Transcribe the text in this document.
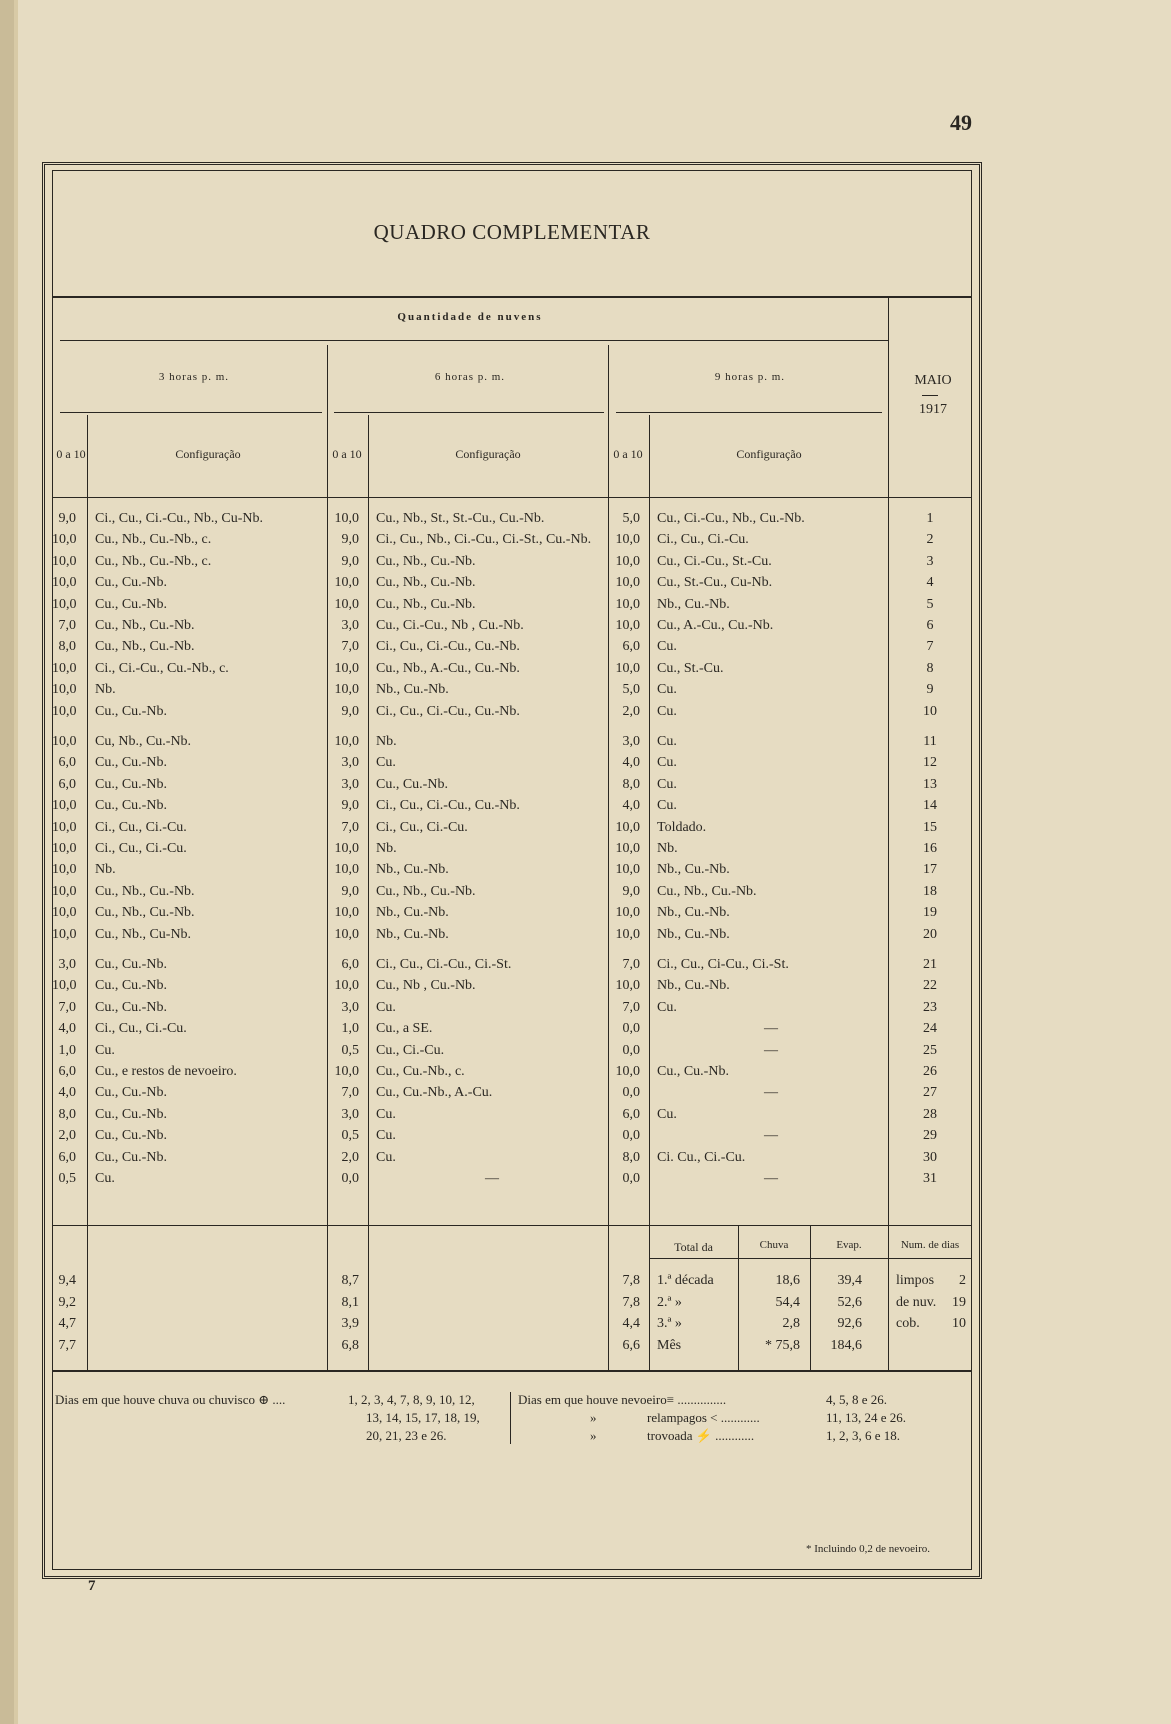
49
QUADRO COMPLEMENTAR
Quantidade de nuvens
3 horas p. m.	6 horas p. m.	9 horas p. m.	MAIO
1917
0 a 10	Configuração	0 a 10	Configuração	0 a 10	Configuração
9,0 Ci., Cu., Ci.-Cu., Nb., Cu-Nb.	10,0 Cu., Nb., St., St.-Cu., Cu.-Nb.	5,0 Cu., Ci.-Cu., Nb., Cu.-Nb.	1
10,0 Cu., Nb., Cu.-Nb., c.	9,0 Ci., Cu., Nb., Ci.-Cu., Ci.-St., Cu.-Nb.	10,0 Ci., Cu., Ci.-Cu.	2
10,0 Cu., Nb., Cu.-Nb., c.	9,0 Cu., Nb., Cu.-Nb.	10,0 Cu., Ci.-Cu., St.-Cu.	3
10,0 Cu., Cu.-Nb.	10,0 Cu., Nb., Cu.-Nb.	10,0 Cu., St.-Cu., Cu-Nb.	4
10,0 Cu., Cu.-Nb.	10,0 Cu., Nb., Cu.-Nb.	10,0 Nb., Cu.-Nb.	5
7,0 Cu., Nb., Cu.-Nb.	3,0 Cu., Ci.-Cu., Nb , Cu.-Nb.	10,0 Cu., A.-Cu., Cu.-Nb.	6
8,0 Cu., Nb., Cu.-Nb.	7,0 Ci., Cu., Ci.-Cu., Cu.-Nb.	6,0 Cu.	7
10,0 Ci., Ci.-Cu., Cu.-Nb., c.	10,0 Cu., Nb., A.-Cu., Cu.-Nb.	10,0 Cu., St.-Cu.	8
10,0 Nb.	10,0 Nb., Cu.-Nb.	5,0 Cu.	9
10,0 Cu., Cu.-Nb.	9,0 Ci., Cu., Ci.-Cu., Cu.-Nb.	2,0 Cu.	10
10,0 Cu, Nb., Cu.-Nb.	10,0 Nb.	3,0 Cu.	11
6,0 Cu., Cu.-Nb.	3,0 Cu.	4,0 Cu.	12
6,0 Cu., Cu.-Nb.	3,0 Cu., Cu.-Nb.	8,0 Cu.	13
10,0 Cu., Cu.-Nb.	9,0 Ci., Cu., Ci.-Cu., Cu.-Nb.	4,0 Cu.	14
10,0 Ci., Cu., Ci.-Cu.	7,0 Ci., Cu., Ci.-Cu.	10,0 Toldado.	15
10,0 Ci., Cu., Ci.-Cu.	10,0 Nb.	10,0 Nb.	16
10,0 Nb.	10,0 Nb., Cu.-Nb.	10,0 Nb., Cu.-Nb.	17
10,0 Cu., Nb., Cu.-Nb.	9,0 Cu., Nb., Cu.-Nb.	9,0 Cu., Nb., Cu.-Nb.	18
10,0 Cu., Nb., Cu.-Nb.	10,0 Nb., Cu.-Nb.	10,0 Nb., Cu.-Nb.	19
10,0 Cu., Nb., Cu-Nb.	10,0 Nb., Cu.-Nb.	10,0 Nb., Cu.-Nb.	20
3,0 Cu., Cu.-Nb.	6,0 Ci., Cu., Ci.-Cu., Ci.-St.	7,0 Ci., Cu., Ci-Cu., Ci.-St.	21
10,0 Cu., Cu.-Nb.	10,0 Cu., Nb , Cu.-Nb.	10,0 Nb., Cu.-Nb.	22
7,0 Cu., Cu.-Nb.	3,0 Cu.	7,0 Cu.	23
4,0 Ci., Cu., Ci.-Cu.	1,0 Cu., a SE.	0,0	—	24
1,0 Cu.	0,5 Cu., Ci.-Cu.	0,0	—	25
6,0 Cu., e restos de nevoeiro.	10,0 Cu., Cu.-Nb., c.	10,0 Cu., Cu.-Nb.	26
4,0 Cu., Cu.-Nb.	7,0 Cu., Cu.-Nb., A.-Cu.	0,0	—	27
8,0 Cu., Cu.-Nb.	3,0 Cu.	6,0 Cu.	28
2,0 Cu., Cu.-Nb.	0,5 Cu.	0,0	—	29
6,0 Cu., Cu.-Nb.	2,0 Cu.	8,0 Ci. Cu., Ci.-Cu.	30
0,5 Cu.	0,0	—	0,0	—	31
Total da	Chuva	Evap.	Num. de dias
9,4	8,7	7,8 1.ª década	18,6	39,4 limpos	2
9,2	8,1	7,8 2.ª »	54,4	52,6 de nuv.	19
4,7	3,9	4,4 3.ª »	2,8	92,6 cob.	10
7,7	6,8	6,6 Mês	* 75,8	184,6
Dias em que houve chuva ou chuvisco ⊕ ....	1, 2, 3, 4, 7, 8, 9, 10, 12,
13, 14, 15, 17, 18, 19,
20, 21, 23 e 26.
Dias em que houve nevoeiro≡ ...............	4, 5, 8 e 26.
»	relampagos < ............	11, 13, 24 e 26.
»	trovoada ⚡ ............	1, 2, 3, 6 e 18.
* Incluindo 0,2 de nevoeiro.
7
